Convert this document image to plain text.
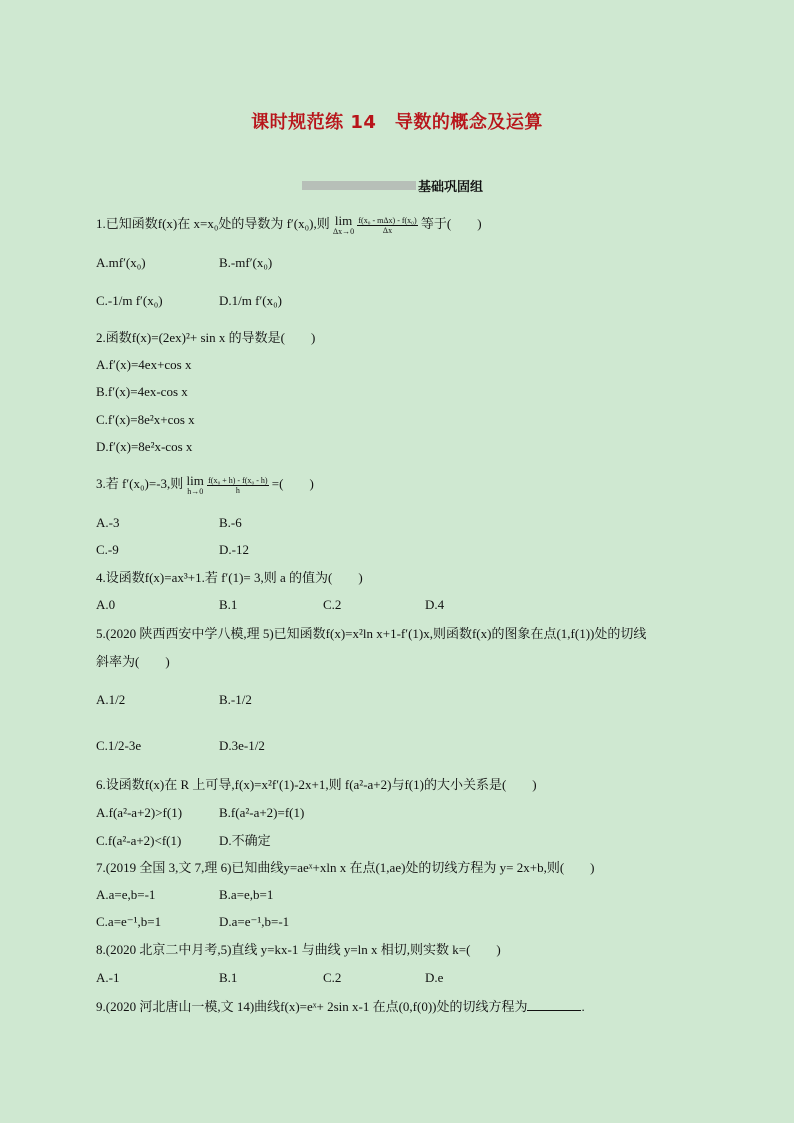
课时规范练 14　导数的概念及运算
基础巩固组
1.已知函数f(x)在 x=x₀处的导数为 f′(x₀),则 lim
Δx→0
$\frac{\text{f(x₀ - mΔx) - f(x₀)}}{\Delta x}$ 等于(　　)
A.mf′(x₀)	B.-mf′(x₀)
C.-1/m f′(x₀)	D.1/m f′(x₀)
2.函数f(x)=(2ex)²+ sin x 的导数是(　　)
A.f′(x)=4ex+cos x
B.f′(x)=4ex-cos x
C.f′(x)=8e²x+cos x
D.f′(x)=8e²x-cos x
3.若 f′(x₀)=-3,则 lim
h→0
$\frac{\text{f(x₀ + h) - f(x₀ - h)}}{h}$ =(　　)
A.-3	B.-6
C.-9	D.-12
4.设函数f(x)=ax³+1.若 f′(1)= 3,则 a 的值为(　　)
A.0	B.1	C.2	D.4
5.(2020 陕西西安中学八模,理 5)已知函数f(x)=x²ln x+1-f′(1)x,则函数f(x)的图象在点(1,f(1))处的切线
斜率为(　　)
A.1/2	B.-1/2
C.1/2-3e	D.3e-1/2
6.设函数f(x)在 R 上可导,f(x)=x²f′(1)-2x+1,则 f(a²-a+2)与f(1)的大小关系是(　　)
A.f(a²-a+2)>f(1)	B.f(a²-a+2)=f(1)
C.f(a²-a+2)<f(1)	D.不确定
7.(2019 全国 3,文 7,理 6)已知曲线y=aeˣ+xln x 在点(1,ae)处的切线方程为 y= 2x+b,则(　　)
A.a=e,b=-1	B.a=e,b=1
C.a=e⁻¹,b=1	D.a=e⁻¹,b=-1
8.(2020 北京二中月考,5)直线 y=kx-1 与曲线 y=ln x 相切,则实数 k=(　　)
A.-1	B.1	C.2	D.e
9.(2020 河北唐山一模,文 14)曲线f(x)=eˣ+ 2sin x-1 在点(0,f(0))处的切线方程为	.
